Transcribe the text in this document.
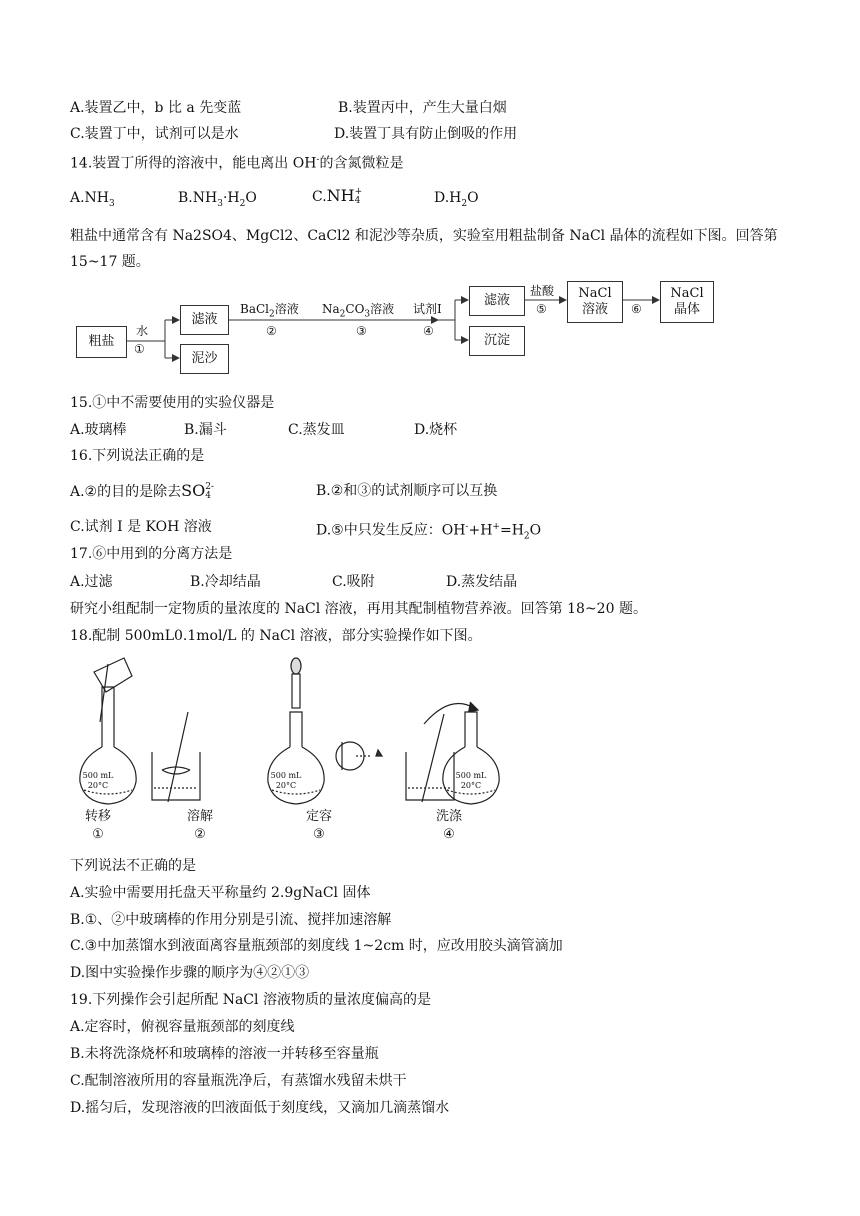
A.装置乙中，b 比 a 先变蓝	B.装置丙中，产生大量白烟
C.装置丁中，试剂可以是水	D.装置丁具有防止倒吸的作用
14.装置丁所得的溶液中，能电离出 OH-的含氮微粒是
$A.NH_3$	$B.NH_3\cdot H_2O$	C.NH +
4	$D.H_2O$
粗盐中通常含有 Na2SO4、MgCl2、CaCl2 和泥沙等杂质，实验室用粗盐制备 NaCl 晶体的流程如下图。回答第
15~17 题。
粗盐
水
①
滤液
泥沙
BaCl$_2$溶液
②
$Na_2CO_3$溶液
③
试剂Ⅰ
④
滤液
沉淀
盐酸
⑤
NaCl
溶液 ⑥
NaCl
晶体
15.①中不需要使用的实验仪器是
A.玻璃棒	B.漏斗	C.蒸发皿	D.烧杯
16.下列说法正确的是
A.②的目的是除去SO 2-
4	B.②和③的试剂顺序可以互换
C.试剂 I 是 KOH 溶液	D.⑤中只发生反应：$OH^-+H^+=H_2O$
17.⑥中用到的分离方法是
A.过滤	B.冷却结晶	C.吸附	D.蒸发结晶
研究小组配制一定物质的量浓度的 NaCl 溶液，再用其配制植物营养液。回答第 18~20 题。
18.配制 500mL0.1mol/L 的 NaCl 溶液，部分实验操作如下图。
500 mL
20°C
500 mL
20°C
500 mL
20°C
转移
①
溶解
②
定容
③
洗涤
④
下列说法不正确的是
A.实验中需要用托盘天平称量约 2.9gNaCl 固体
B.①、②中玻璃棒的作用分别是引流、搅拌加速溶解
C.③中加蒸馏水到液面离容量瓶颈部的刻度线 1~2cm 时，应改用胶头滴管滴加
D.图中实验操作步骤的顺序为④②①③
19.下列操作会引起所配 NaCl 溶液物质的量浓度偏高的是
A.定容时，俯视容量瓶颈部的刻度线
B.未将洗涤烧杯和玻璃棒的溶液一并转移至容量瓶
C.配制溶液所用的容量瓶洗净后，有蒸馏水残留未烘干
D.摇匀后，发现溶液的凹液面低于刻度线，又滴加几滴蒸馏水
